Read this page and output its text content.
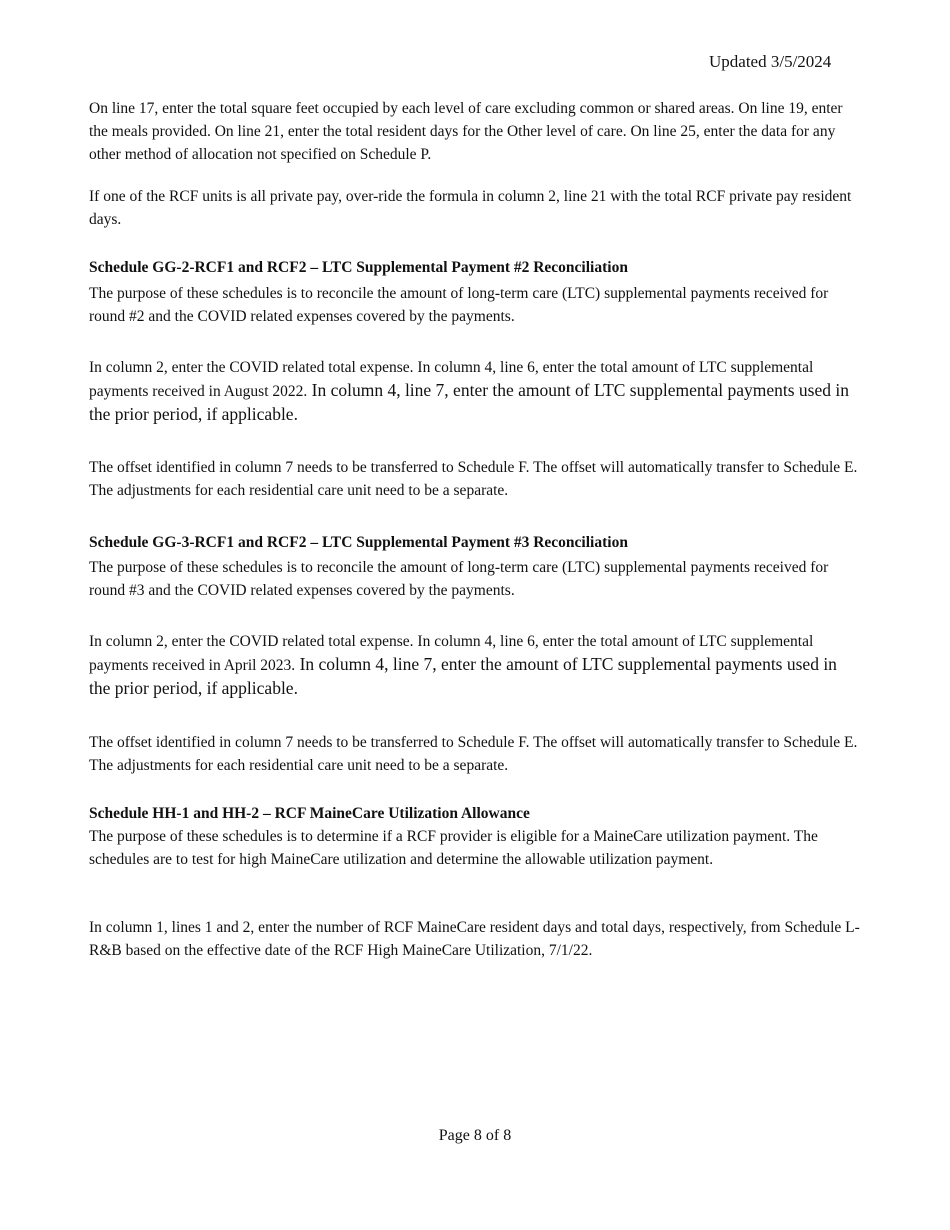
Updated 3/5/2024

On line 17, enter the total square feet occupied by each level of care excluding common or shared areas. On line 19, enter the meals provided. On line 21, enter the total resident days for the Other level of care. On line 25, enter the data for any other method of allocation not specified on Schedule P.

If one of the RCF units is all private pay, over-ride the formula in column 2, line 21 with the total RCF private pay resident days.

Schedule GG-2-RCF1 and RCF2 – LTC Supplemental Payment #2 Reconciliation

The purpose of these schedules is to reconcile the amount of long-term care (LTC) supplemental payments received for round #2 and the COVID related expenses covered by the payments.

In column 2, enter the COVID related total expense. In column 4, line 6, enter the total amount of LTC supplemental payments received in August 2022. In column 4, line 7, enter the amount of LTC supplemental payments used in the prior period, if applicable.

The offset identified in column 7 needs to be transferred to Schedule F. The offset will automatically transfer to Schedule E. The adjustments for each residential care unit need to be a separate.

Schedule GG-3-RCF1 and RCF2 – LTC Supplemental Payment #3 Reconciliation

The purpose of these schedules is to reconcile the amount of long-term care (LTC) supplemental payments received for round #3 and the COVID related expenses covered by the payments.

In column 2, enter the COVID related total expense. In column 4, line 6, enter the total amount of LTC supplemental payments received in April 2023. In column 4, line 7, enter the amount of LTC supplemental payments used in the prior period, if applicable.

The offset identified in column 7 needs to be transferred to Schedule F. The offset will automatically transfer to Schedule E. The adjustments for each residential care unit need to be a separate.

Schedule HH-1 and HH-2 – RCF MaineCare Utilization Allowance

The purpose of these schedules is to determine if a RCF provider is eligible for a MaineCare utilization payment. The schedules are to test for high MaineCare utilization and determine the allowable utilization payment.

In column 1, lines 1 and 2, enter the number of RCF MaineCare resident days and total days, respectively, from Schedule L-R&B based on the effective date of the RCF High MaineCare Utilization, 7/1/22.

Page 8 of 8
